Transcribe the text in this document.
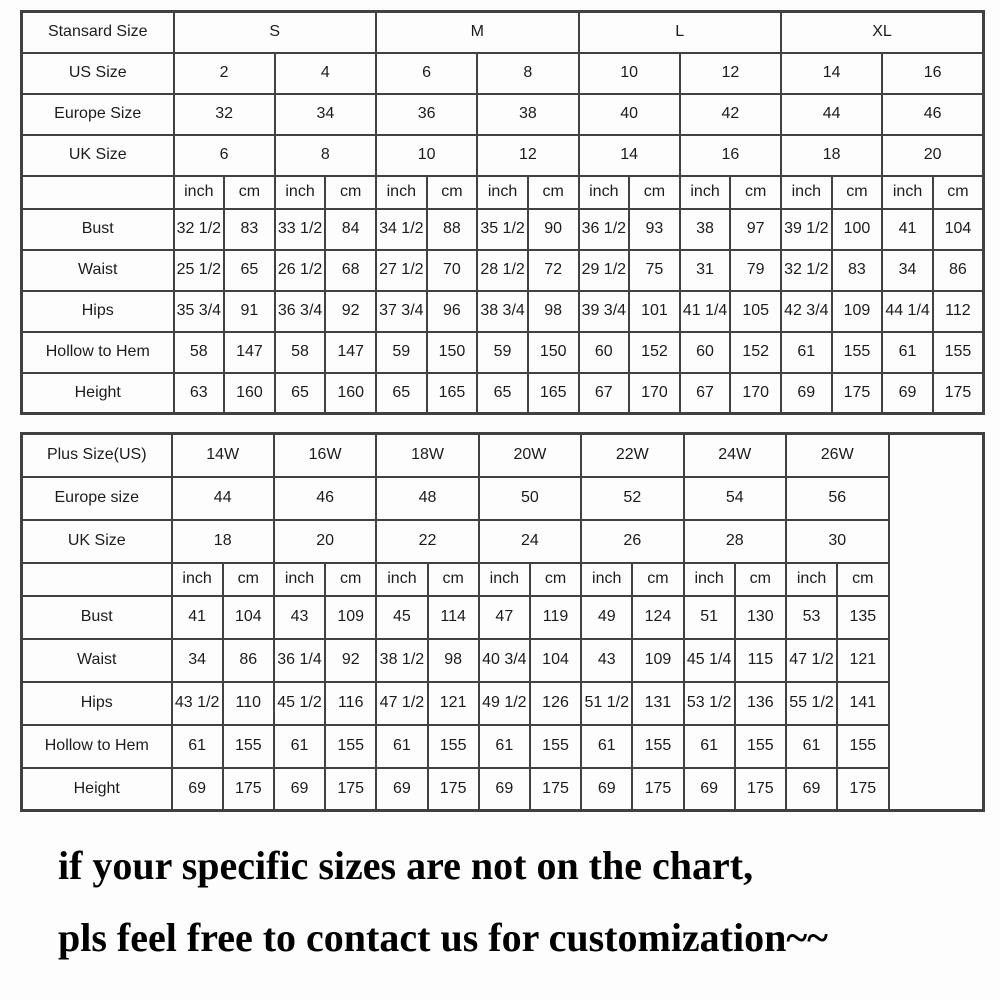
Stansard Size	S				M				L				XL			
US Size	2		4		6		8		10		12		14		16	
Europe Size	32		34		36		38		40		42		44		46	
UK Size	6		8		10		12		14		16		18		20	
	inch	cm	inch	cm	inch	cm	inch	cm	inch	cm	inch	cm	inch	cm	inch	cm
Bust	32 1/2	83	33 1/2	84	34 1/2	88	35 1/2	90	36 1/2	93	38	97	39 1/2	100	41	104
Waist	25 1/2	65	26 1/2	68	27 1/2	70	28 1/2	72	29 1/2	75	31	79	32 1/2	83	34	86
Hips	35 3/4	91	36 3/4	92	37 3/4	96	38 3/4	98	39 3/4	101	41 1/4	105	42 3/4	109	44 1/4	112
Hollow to Hem	58	147	58	147	59	150	59	150	60	152	60	152	61	155	61	155
Height	63	160	65	160	65	165	65	165	67	170	67	170	69	175	69	175
Plus Size(US)	14W		16W		18W		20W		22W		24W		26W		
Europe size	44		46		48		50		52		54		56		
UK Size	18		20		22		24		26		28		30		
	inch	cm	inch	cm	inch	cm	inch	cm	inch	cm	inch	cm	inch	cm	
Bust	41	104	43	109	45	114	47	119	49	124	51	130	53	135	
Waist	34	86	36 1/4	92	38 1/2	98	40 3/4	104	43	109	45 1/4	115	47 1/2	121	
Hips	43 1/2	110	45 1/2	116	47 1/2	121	49 1/2	126	51 1/2	131	53 1/2	136	55 1/2	141	
Hollow to Hem	61	155	61	155	61	155	61	155	61	155	61	155	61	155	
Height	69	175	69	175	69	175	69	175	69	175	69	175	69	175	

if your specific sizes are not on the chart,

pls feel free to contact us for customization~~
